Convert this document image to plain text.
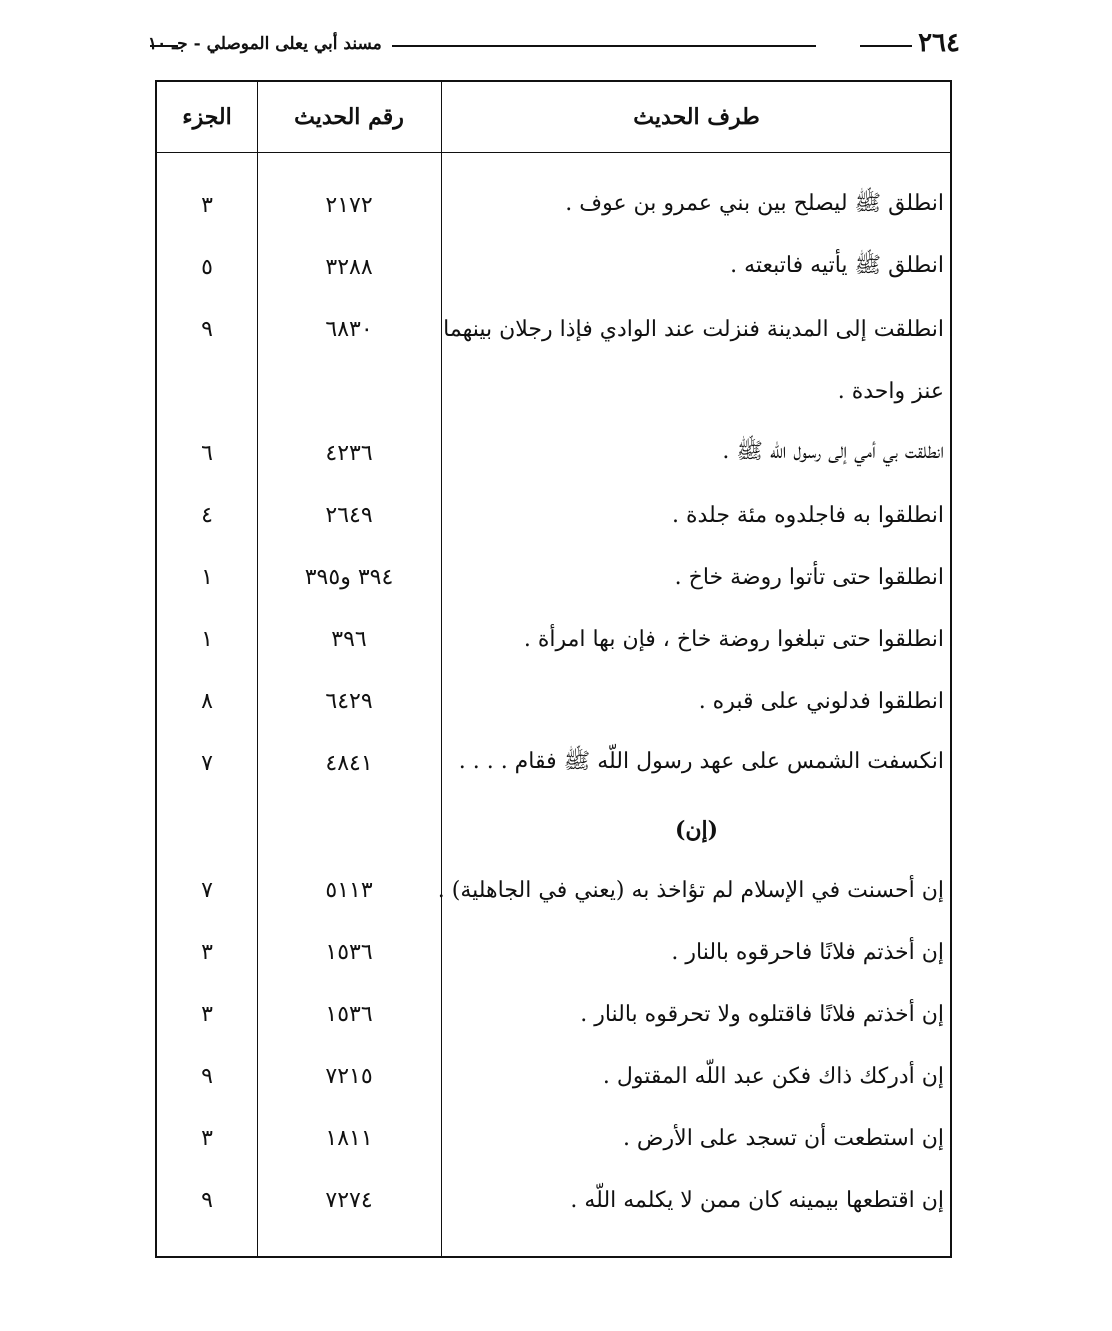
٢٦٤
مسند أبي يعلى الموصلي - جـ ١٠
طرف الحديث
رقم الحديث
الجزء
انطلق ﷺ ليصلح بين بني عمرو بن عوف .
٢١٧٢
٣
انطلق ﷺ يأتيه فاتبعته .
٣٢٨٨
٥
انطلقت إلى المدينة فنزلت عند الوادي فإذا رجلان بينهما
٦٨٣٠
٩
عنز واحدة .
انطلقت بي أمي إلى رسول اللّه ﷺ .
٤٢٣٦
٦
انطلقوا به فاجلدوه مئة جلدة .
٢٦٤٩
٤
انطلقوا حتى تأتوا روضة خاخ .
٣٩٤ و٣٩٥
١
انطلقوا حتى تبلغوا روضة خاخ ، فإن بها امرأة .
٣٩٦
١
انطلقوا فدلوني على قبره .
٦٤٢٩
٨
انكسفت الشمس على عهد رسول اللّه ﷺ فقام . . . .
٤٨٤١
٧
(إن)
إن أحسنت في الإسلام لم تؤاخذ به (يعني في الجاهلية) .
٥١١٣
٧
إن أخذتم فلانًا فاحرقوه بالنار .
١٥٣٦
٣
إن أخذتم فلانًا فاقتلوه ولا تحرقوه بالنار .
١٥٣٦
٣
إن أدركك ذاك فكن عبد اللّه المقتول .
٧٢١٥
٩
إن استطعت أن تسجد على الأرض .
١٨١١
٣
إن اقتطعها بيمينه كان ممن لا يكلمه اللّه .
٧٢٧٤
٩
